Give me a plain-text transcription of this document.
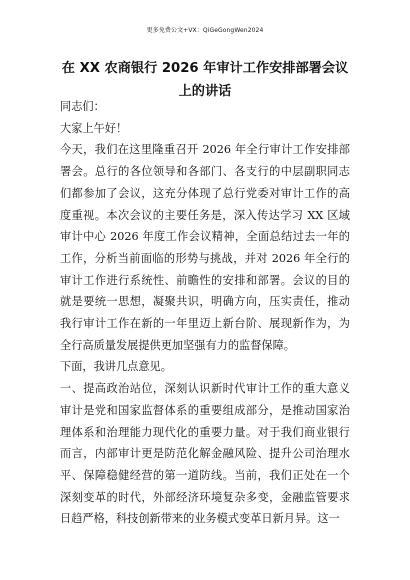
更多免费公文+VX：QiGeGongWen2024
在 XX 农商银行 2026 年审计工作安排部署会议上的讲话

同志们：

大家上午好！

今天，我们在这里隆重召开 2026 年全行审计工作安排部署会。总行的各位领导和各部门、各支行的中层副职同志们都参加了会议，这充分体现了总行党委对审计工作的高度重视。本次会议的主要任务是，深入传达学习 XX 区域审计中心 2026 年度工作会议精神，全面总结过去一年的工作，分析当前面临的形势与挑战，并对 2026 年全行的审计工作进行系统性、前瞻性的安排和部署。会议的目的就是要统一思想，凝聚共识，明确方向，压实责任，推动我行审计工作在新的一年里迈上新台阶、展现新作为，为全行高质量发展提供更加坚强有力的监督保障。

下面，我讲几点意见。

一、提高政治站位，深刻认识新时代审计工作的重大意义审计是党和国家监督体系的重要组成部分，是推动国家治理体系和治理能力现代化的重要力量。对于我们商业银行而言，内部审计更是防范化解金融风险、提升公司治理水平、保障稳健经营的第一道防线。当前，我们正处在一个深刻变革的时代，外部经济环境复杂多变，金融监管要求日趋严格，科技创新带来的业务模式变革日新月异。这一
